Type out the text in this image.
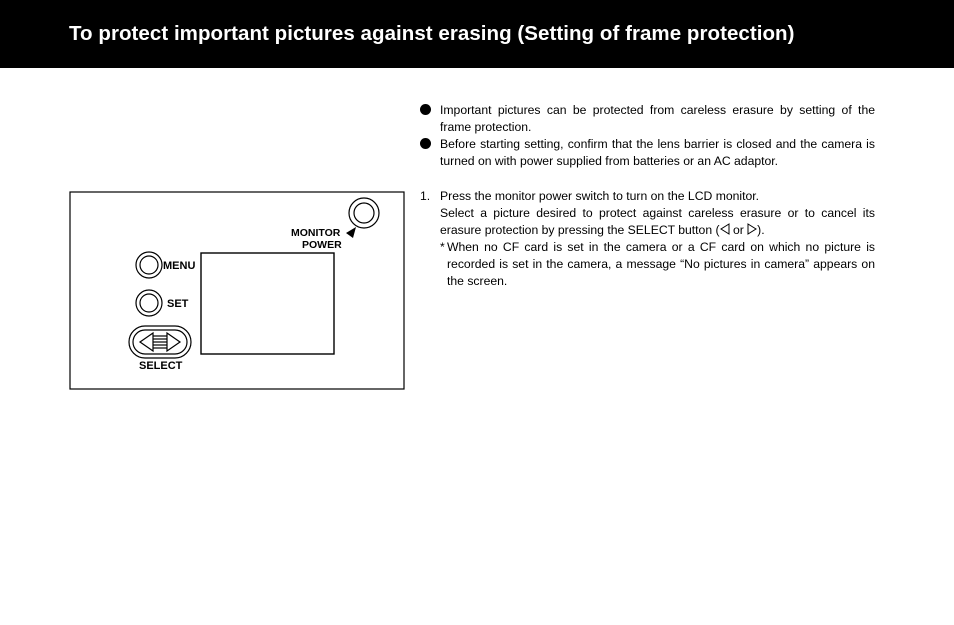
To protect important pictures against erasing (Setting of frame protection)
MONITOR
POWER
MENU
SET
SELECT
Important pictures can be protected from careless erasure by setting of the frame protection.
Before starting setting, confirm that the lens barrier is closed and the camera is turned on with power supplied from batteries or an AC adaptor.
1. Press the monitor power switch to turn on the LCD monitor.
Select a picture desired to protect against careless erasure or to cancel its erasure protection by pressing the SELECT button ( or ).
* When no CF card is set in the camera or a CF card on which no picture is recorded is set in the camera, a message “No pictures in camera” appears on the screen.
